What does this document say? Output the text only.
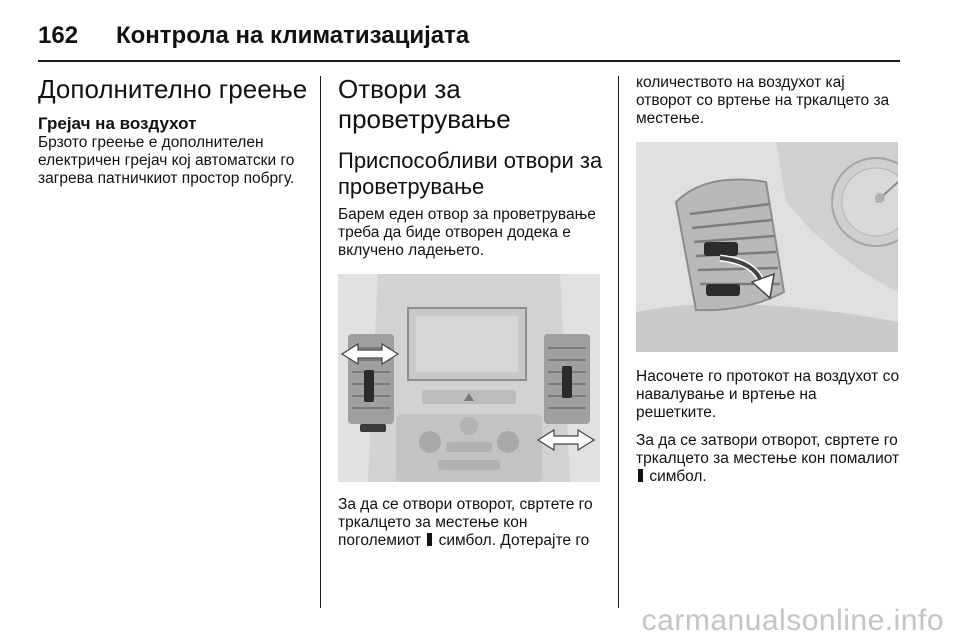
162 Контрола на климатизацијата
Дополнително греење
Грејач на воздухот

Брзото греење е дополнителен електричен грејач кој автоматски го загрева патничкиот простор побргу.

Отвори за проветрување
Приспособливи отвори за проветрување

Барем еден отвор за проветрување треба да биде отворен додека е вклучено ладењето.

За да се отвори отворот, свртете го тркалцето за местење кон поголемиот симбол. Дотерајте го

количеството на воздухот кај отворот со вртење на тркалцето за местење.

Насочете го протокот на воздухот со навалување и вртење на решетките.

За да се затвори отворот, свртете го тркалцето за местење кон помалиот  симбол.

carmanualsonline.info
